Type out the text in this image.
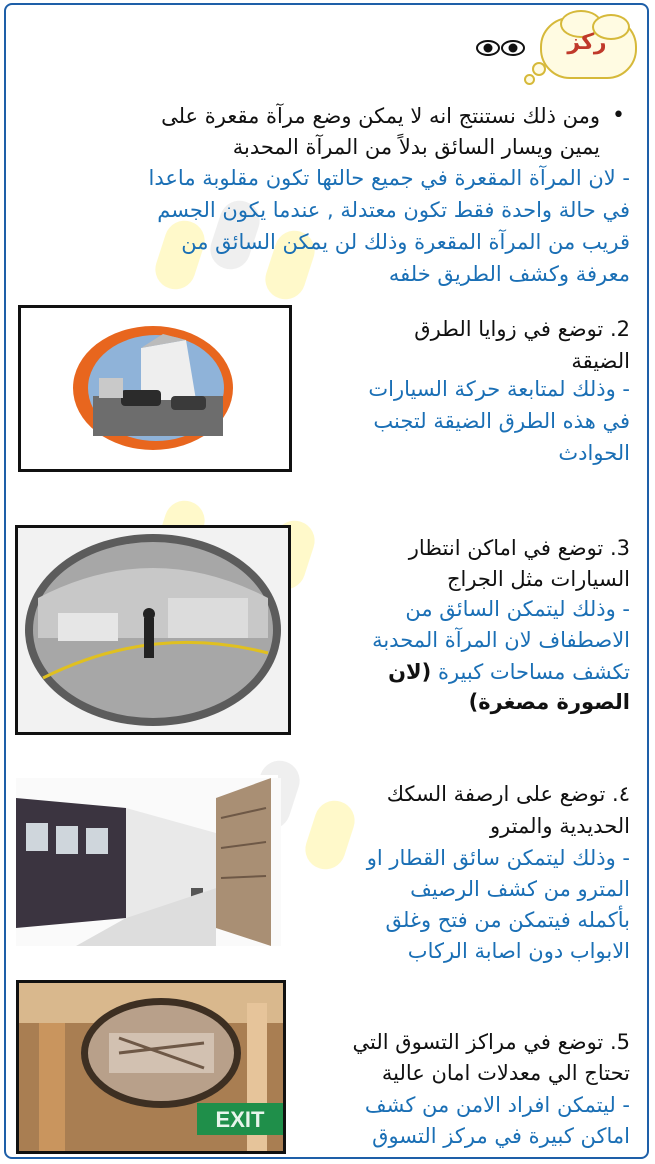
ركز
•
ومن ذلك نستنتج انه لا يمكن وضع مرآة مقعرة على
يمين ويسار السائق بدلاً من المرآة المحدبة
- لان المرآة المقعرة في جميع حالتها تكون مقلوبة ماعدا
في حالة واحدة فقط تكون معتدلة , عندما يكون الجسم
قريب من المرآة المقعرة وذلك لن يمكن السائق من
معرفة وكشف الطريق خلفه
2. توضع في زوايا الطرق
الضيقة
- وذلك لمتابعة حركة السيارات
في هذه الطرق الضيقة لتجنب
الحوادث
3. توضع في اماكن انتظار
السيارات مثل الجراج
- وذلك ليتمكن السائق من
الاصطفاف لان المرآة المحدبة
تكشف مساحات كبيرة (لان
الصورة مصغرة)
٤. توضع على ارصفة السكك
الحديدية والمترو
- وذلك ليتمكن سائق القطار او
المترو من كشف الرصيف
بأكمله فيتمكن من فتح وغلق
الابواب دون اصابة الركاب
EXIT
5. توضع في مراكز التسوق التي
تحتاج الي معدلات امان عالية
- ليتمكن افراد الامن من كشف
اماكن كبيرة في مركز التسوق
